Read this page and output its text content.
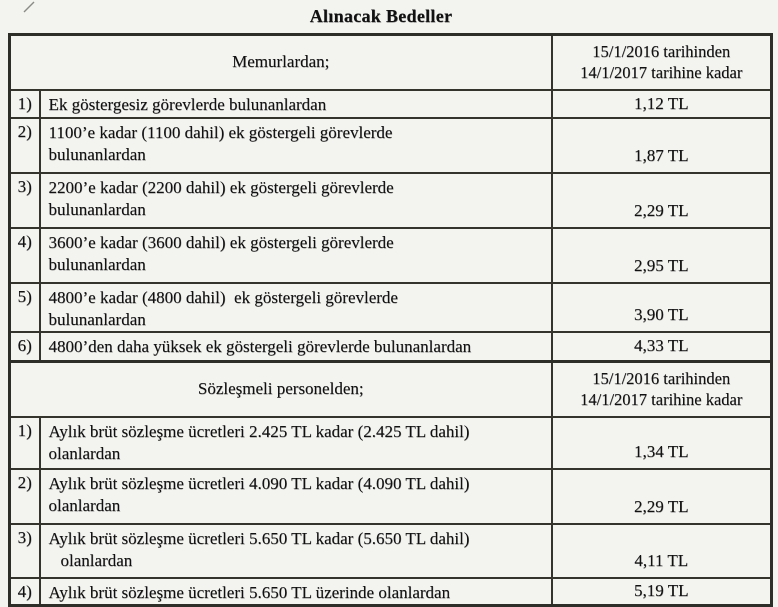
Alınacak Bedeller
Memurlardan;		15/1/2016 tarihinden
14/1/2017 tarihine kadar

1)	Ek göstergesiz görevlerde bulunanlardan	1,12 TL
2)	1100’e kadar (1100 dahil) ek göstergeli görevlerde
bulunanlardan	1,87 TL
3)	2200’e kadar (2200 dahil) ek göstergeli görevlerde
bulunanlardan	2,29 TL
4)	3600’e kadar (3600 dahil) ek göstergeli görevlerde
bulunanlardan	2,95 TL
5)	4800’e kadar (4800 dahil)  ek göstergeli görevlerde
bulunanlardan	3,90 TL
6)	4800’den daha yüksek ek göstergeli görevlerde bulunanlardan	4,33 TL
Sözleşmeli personelden;		15/1/2016 tarihinden
14/1/2017 tarihine kadar

1)	Aylık brüt sözleşme ücretleri 2.425 TL kadar (2.425 TL dahil)
olanlardan	1,34 TL
2)	Aylık brüt sözleşme ücretleri 4.090 TL kadar (4.090 TL dahil)
olanlardan	2,29 TL
3)	Aylık brüt sözleşme ücretleri 5.650 TL kadar (5.650 TL dahil)
olanlardan	4,11 TL
4)	Aylık brüt sözleşme ücretleri 5.650 TL üzerinde olanlardan	5,19 TL
